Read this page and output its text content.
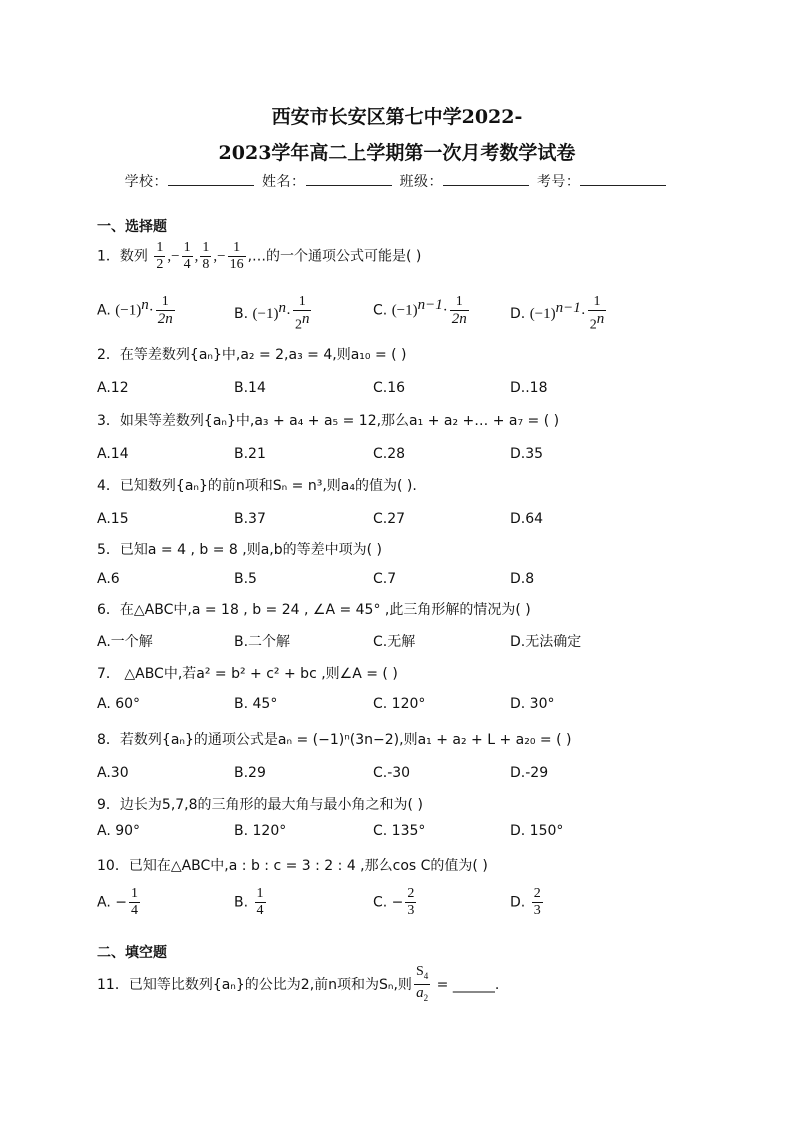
西安市长安区第七中学2022-
2023学年高二上学期第一次月考数学试卷
学校：	姓名：	班级：	考号：
一、选择题
1．数列 $\frac{1}{2}$ ,− $\frac{1}{4}$ , $\frac{1}{8}$ ,− $\frac{1}{16}$ ,…的一个通项公式可能是( )
A. $(-1)^n\cdot \frac{1}{2n}$	B. $(-1)^n\cdot \frac{1}{2^n}$	C. $(-1)^{n-1}\cdot \frac{1}{2n}$	D. $(-1)^{n-1}\cdot \frac{1}{2^n}$
2．在等差数列{aₙ}中,a₂ = 2,a₃ = 4,则a₁₀ = ( )
A.12	B.14	C.16	D..18
3．如果等差数列{aₙ}中,a₃ + a₄ + a₅ = 12,那么a₁ + a₂ +… + a₇ = ( )
A.14	B.21	C.28	D.35
4．已知数列{aₙ}的前n项和Sₙ = n³,则a₄的值为( ).
A.15	B.37	C.27	D.64
5．已知a = 4 , b = 8 ,则a,b的等差中项为( )
A.6	B.5	C.7	D.8
6．在△ABC中,a = 18 , b = 24 , ∠A = 45° ,此三角形解的情况为( )
A.一个解	B.二个解	C.无解	D.无法确定
7． △ABC中,若a² = b² + c² + bc ,则∠A = ( )
A. 60°	B. 45°	C. 120°	D. 30°
8．若数列{aₙ}的通项公式是aₙ = (−1)ⁿ(3n−2),则a₁ + a₂ + L + a₂₀ = ( )
A.30	B.29	C.-30	D.-29
9．边长为5,7,8的三角形的最大角与最小角之和为( )
A. 90°	B. 120°	C. 135°	D. 150°
10．已知在△ABC中,a : b : c = 3 : 2 : 4 ,那么cos C的值为( )
A. − $\frac{1}{4}$	B. $\frac{1}{4}$	C. − $\frac{2}{3}$	D. $\frac{2}{3}$
二、填空题
11．已知等比数列{aₙ}的公比为2,前n项和为Sₙ,则 $\frac{S_4}{a_2}$ = ______.
